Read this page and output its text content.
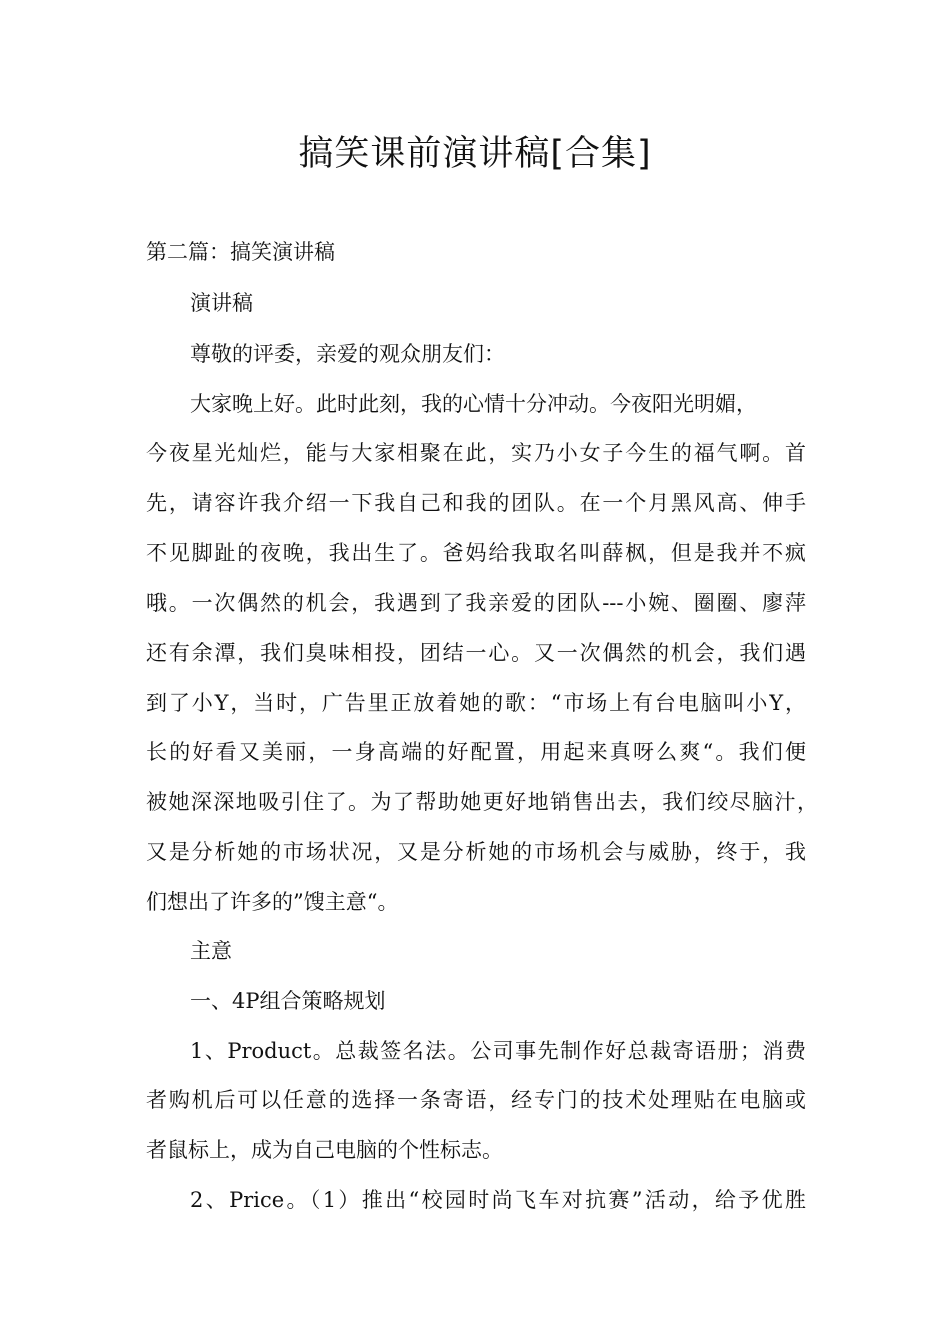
搞笑课前演讲稿[合集]
第二篇：搞笑演讲稿
演讲稿
尊敬的评委，亲爱的观众朋友们：
大家晚上好。此时此刻，我的心情十分冲动。今夜阳光明媚，
今夜星光灿烂，能与大家相聚在此，实乃小女子今生的福气啊。首
先，请容许我介绍一下我自己和我的团队。在一个月黑风高、伸手
不见脚趾的夜晚，我出生了。爸妈给我取名叫薛枫，但是我并不疯
哦。一次偶然的机会，我遇到了我亲爱的团队---小婉、圈圈、廖萍
还有余潭，我们臭味相投，团结一心。又一次偶然的机会，我们遇
到了小Y，当时，广告里正放着她的歌：“市场上有台电脑叫小Y，
长的好看又美丽，一身高端的好配置，用起来真呀么爽“。我们便
被她深深地吸引住了。为了帮助她更好地销售出去，我们绞尽脑汁，
又是分析她的市场状况，又是分析她的市场机会与威胁，终于，我
们想出了许多的”馊主意“。
主意
一、4P组合策略规划
1、Product。总裁签名法。公司事先制作好总裁寄语册；消费
者购机后可以任意的选择一条寄语，经专门的技术处理贴在电脑或
者鼠标上，成为自己电脑的个性标志。
2、Price。（1）推出“校园时尚飞车对抗赛”活动，给予优胜
